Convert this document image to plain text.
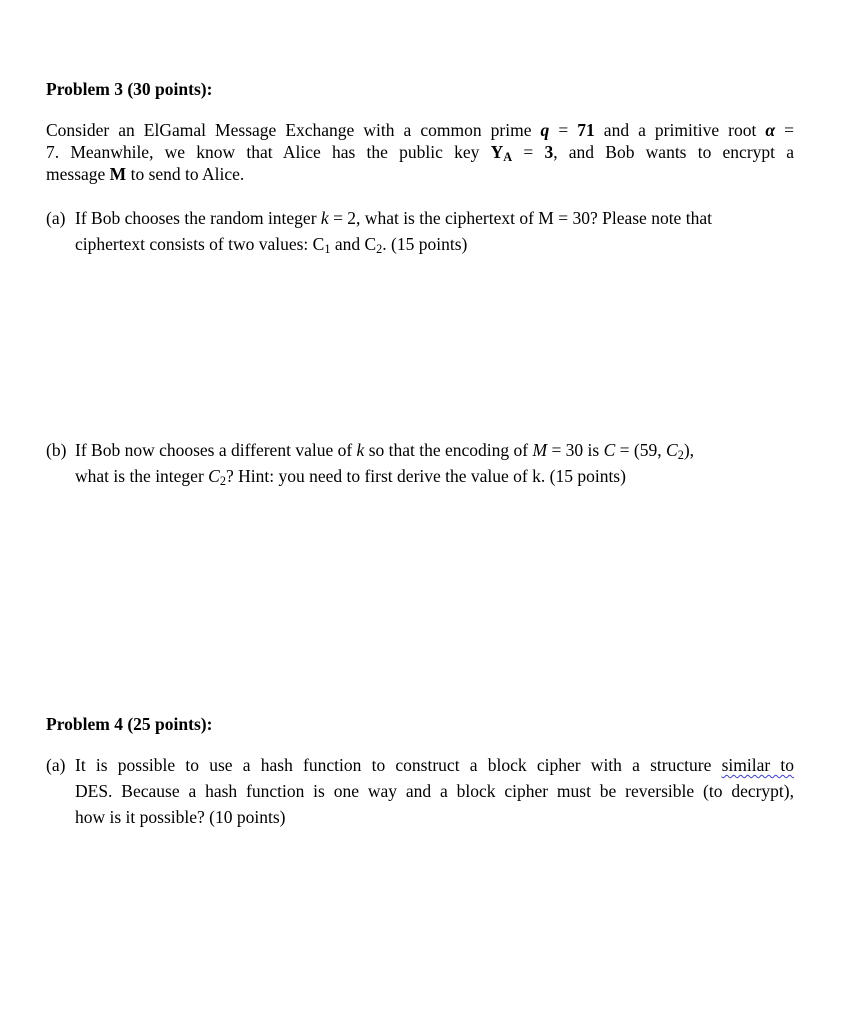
Problem 3 (30 points):

Consider an ElGamal Message Exchange with a common prime q = 71 and a primitive root α =
7. Meanwhile, we know that Alice has the public key $Y_A = 3$, and Bob wants to encrypt a
message M to send to Alice.
(a) If Bob chooses the random integer k = 2, what is the ciphertext of M = 30? Please note that
ciphertext consists of two values: $C_1$ and $C_2$. (15 points)
(b) If Bob now chooses a different value of k so that the encoding of M = 30 is C = (59, $C_2$),
what is the integer $C_2$? Hint: you need to first derive the value of k. (15 points)

Problem 4 (25 points):

(a) It is possible to use a hash function to construct a block cipher with a structure similar to
DES. Because a hash function is one way and a block cipher must be reversible (to decrypt),
how is it possible? (10 points)
